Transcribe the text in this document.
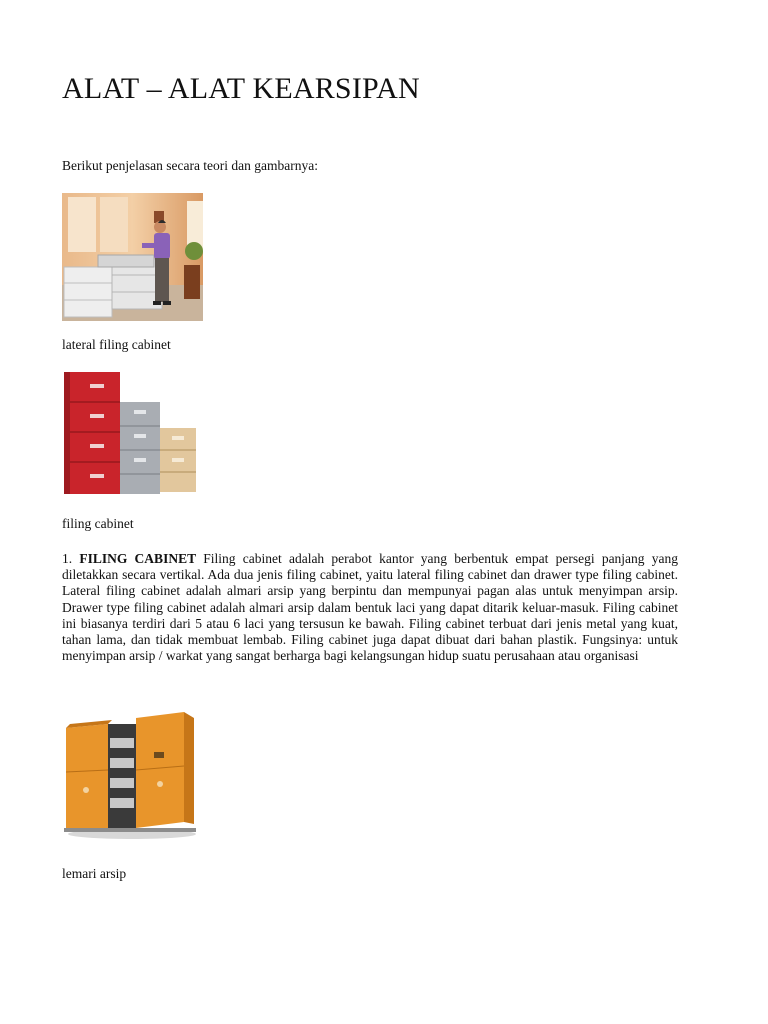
ALAT – ALAT KEARSIPAN
Berikut penjelasan secara teori dan gambarnya:
lateral filing cabinet
filing cabinet

1. FILING CABINET Filing cabinet adalah perabot kantor yang berbentuk empat persegi panjang yang diletakkan secara vertikal. Ada dua jenis filing cabinet, yaitu lateral filing cabinet dan drawer type filing cabinet. Lateral filing cabinet adalah almari arsip yang berpintu dan mempunyai pagan alas untuk menyimpan arsip. Drawer type filing cabinet adalah almari arsip dalam bentuk laci yang dapat ditarik keluar-masuk. Filing cabinet ini biasanya terdiri dari 5 atau 6 laci yang tersusun ke bawah. Filing cabinet terbuat dari jenis metal yang kuat, tahan lama, dan tidak membuat lembab. Filing cabinet juga dapat dibuat dari bahan plastik. Fungsinya: untuk menyimpan arsip / warkat yang sangat berharga bagi kelangsungan hidup suatu perusahaan atau organisasi

lemari arsip
